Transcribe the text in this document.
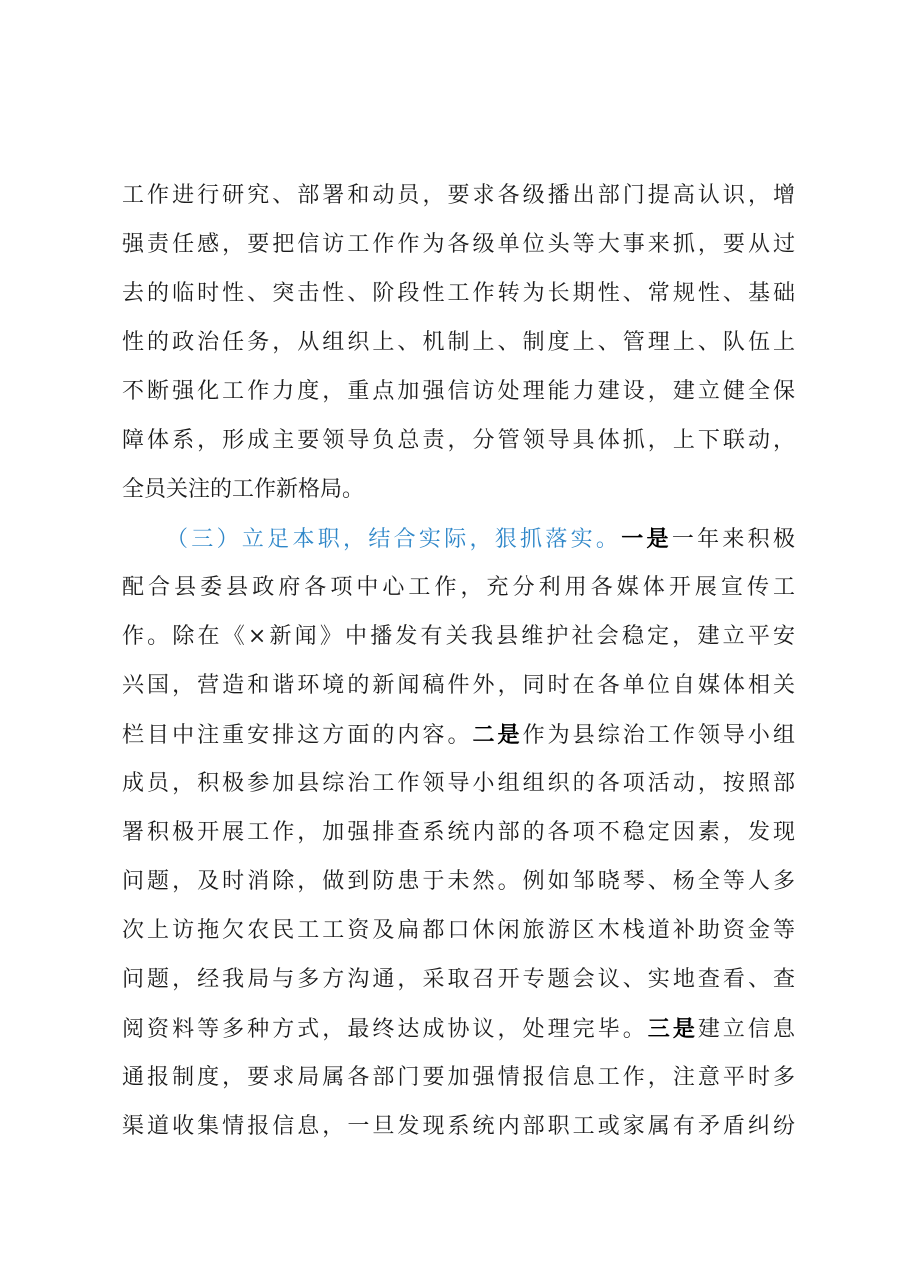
工作进行研究、部署和动员，要求各级播出部门提高认识，增
强责任感，要把信访工作作为各级单位头等大事来抓，要从过
去的临时性、突击性、阶段性工作转为长期性、常规性、基础
性的政治任务，从组织上、机制上、制度上、管理上、队伍上
不断强化工作力度，重点加强信访处理能力建设，建立健全保
障体系，形成主要领导负总责，分管领导具体抓，上下联动，
全员关注的工作新格局。
（三）立足本职，结合实际，狠抓落实。一是一年来积极
配合县委县政府各项中心工作，充分利用各媒体开展宣传工
作。除在《×新闻》中播发有关我县维护社会稳定，建立平安
兴国，营造和谐环境的新闻稿件外，同时在各单位自媒体相关
栏目中注重安排这方面的内容。二是作为县综治工作领导小组
成员，积极参加县综治工作领导小组组织的各项活动，按照部
署积极开展工作，加强排查系统内部的各项不稳定因素，发现
问题，及时消除，做到防患于未然。例如邹晓琴、杨全等人多
次上访拖欠农民工工资及扁都口休闲旅游区木栈道补助资金等
问题，经我局与多方沟通，采取召开专题会议、实地查看、查
阅资料等多种方式，最终达成协议，处理完毕。三是建立信息
通报制度，要求局属各部门要加强情报信息工作，注意平时多
渠道收集情报信息，一旦发现系统内部职工或家属有矛盾纠纷
